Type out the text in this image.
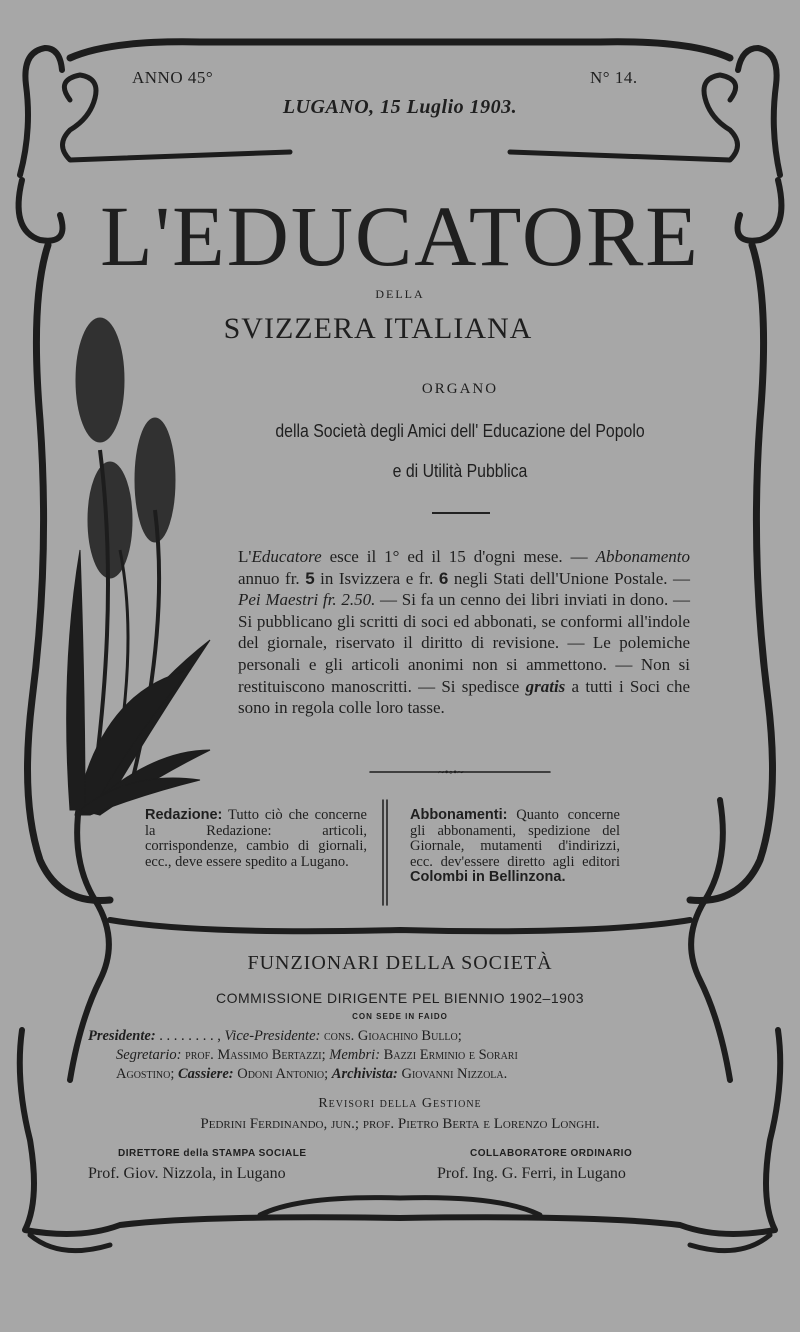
ANNO 45°	N° 14.
LUGANO, 15 Luglio 1903.
L'EDUCATORE
DELLA
SVIZZERA ITALIANA
ORGANO
della Società degli Amici dell' Educazione del Popolo
e di Utilità Pubblica

L'Educatore esce il 1° ed il 15 d'ogni mese. — Abbonamento annuo fr. 5 in Isvizzera e fr. 6 negli Stati dell'Unione Postale. — Pei Maestri fr. 2.50. — Si fa un cenno dei libri inviati in dono. — Si pubblicano gli scritti di soci ed abbonati, se conformi all'indole del giornale, riservato il diritto di revisione. — Le polemiche personali e gli articoli anonimi non si ammettono. — Non si restituiscono manoscritti. — Si spedisce gratis a tutti i Soci che sono in regola colle loro tasse.

~•◦•~
Redazione: Tutto ciò che concerne la Redazione: articoli, corrispondenze, cambio di giornali, ecc., deve essere spedito a Lugano.
Abbonamenti: Quanto concerne gli abbonamenti, spedizione del Giornale, mutamenti d'indirizzi, ecc. dev'essere diretto agli editori Colombi in Bellinzona.
FUNZIONARI DELLA SOCIETÀ
COMMISSIONE DIRIGENTE PEL BIENNIO 1902–1903
CON SEDE IN FAIDO
Presidente: . . . . . . . . , Vice-Presidente: cons. Gioachino Bullo;
Segretario: prof. Massimo Bertazzi; Membri: Bazzi Erminio e Sorari
Agostino; Cassiere: Odoni Antonio; Archivista: Giovanni Nizzola.
Revisori della Gestione
Pedrini Ferdinando, jun.; prof. Pietro Berta e Lorenzo Longhi.
DIRETTORE della STAMPA SOCIALE
Prof. Giov. Nizzola, in Lugano
COLLABORATORE ORDINARIO
Prof. Ing. G. Ferri, in Lugano
